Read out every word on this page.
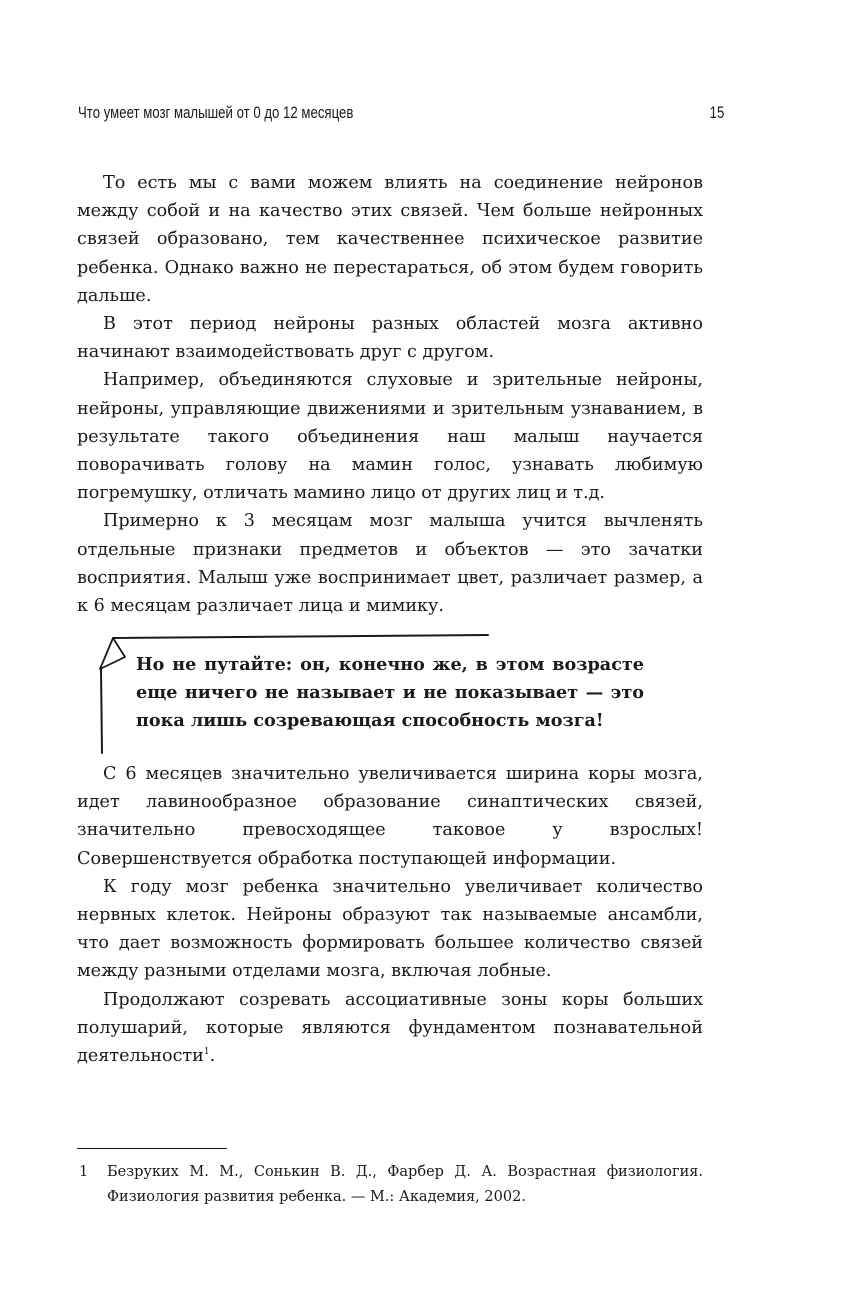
Что умеет мозг малышей от 0 до 12 месяцев	15

То есть мы с вами можем влиять на соединение нейронов между собой и на качество этих связей. Чем больше нейронных связей образовано, тем качественнее психическое развитие ребенка. Однако важно не перестараться, об этом будем говорить дальше.

В этот период нейроны разных областей мозга активно начинают взаимодействовать друг с другом.

Например, объединяются слуховые и зрительные нейроны, нейроны, управляющие движениями и зрительным узнаванием, в результате такого объединения наш малыш научается поворачивать голову на мамин голос, узнавать любимую погремушку, отличать мамино лицо от других лиц и т.д.

Примерно к 3 месяцам мозг малыша учится вычленять отдельные признаки предметов и объектов — это зачатки восприятия. Малыш уже воспринимает цвет, различает размер, а к 6 месяцам различает лица и мимику.

Но не путайте: он, конечно же, в этом возрасте еще ничего не называет и не показывает — это пока лишь созревающая способность мозга!

С 6 месяцев значительно увеличивается ширина коры мозга, идет лавинообразное образование синаптических связей, значительно превосходящее таковое у взрослых! Совершенствуется обработка поступающей информации.

К году мозг ребенка значительно увеличивает количество нервных клеток. Нейроны образуют так называемые ансамбли, что дает возможность формировать большее количество связей между разными отделами мозга, включая лобные.

Продолжают созревать ассоциативные зоны коры больших полушарий, которые являются фундаментом познавательной деятельности$^1$.

1 Безруких М. М., Сонькин В. Д., Фарбер Д. А. Возрастная физиология. Физиология развития ребенка. — М.: Академия, 2002.
